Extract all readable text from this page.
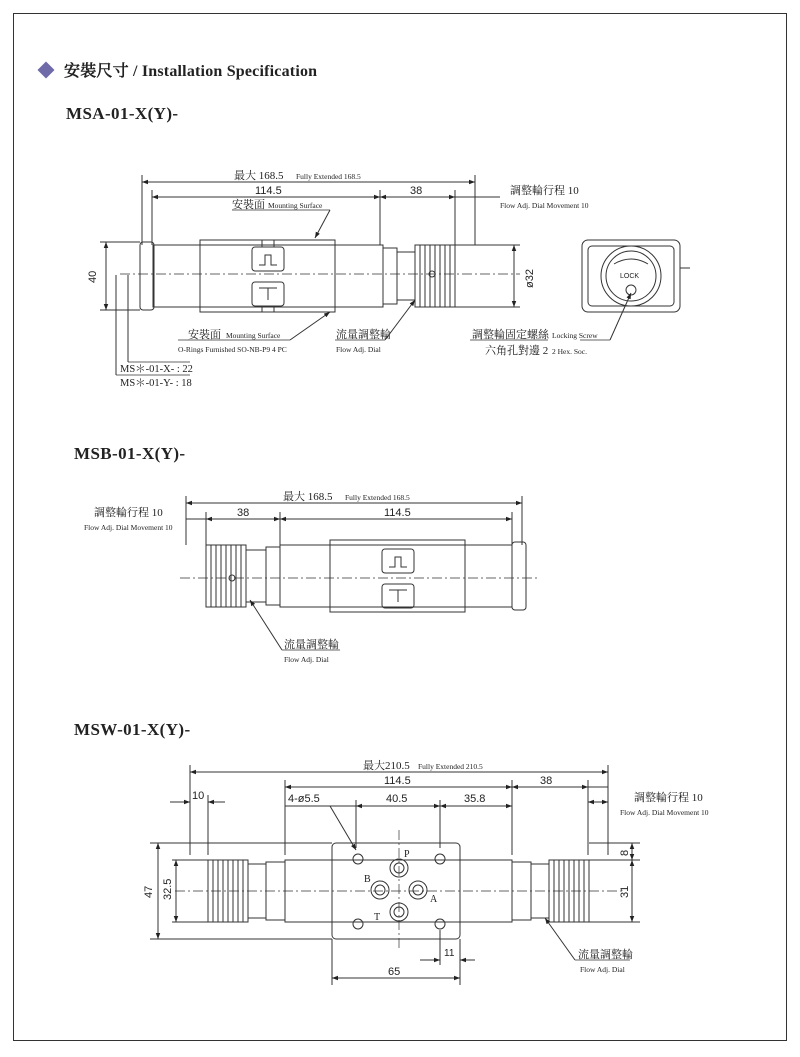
安裝尺寸 / Installation Specification
MSA-01-X(Y)-
MSB-01-X(Y)-
MSW-01-X(Y)-
最大 168.5 Fully Extended 168.5
114.5	38	調整輪行程 10
Flow Adj. Dial Movement 10
安裝面 Mounting Surface
40	ø32
安裝面 Mounting Surface
O-Rings Furnished SO-NB-P9 4 PC
流量調整輪
Flow Adj. Dial
調整輪固定螺絲 Locking Screw
六角孔對邊 2 2 Hex. Soc.
LOCK
MS＊-01-X- : 22
MS＊-01-Y- : 18
最大 168.5 Fully Extended 168.5
38	114.5
調整輪行程 10
Flow Adj. Dial Movement 10
流量調整輪
Flow Adj. Dial
最大210.5 Fully Extended 210.5
114.5	38
10	4-ø5.5	40.5	35.8	調整輪行程 10
Flow Adj. Dial Movement 10
8
31
47 32.5
65
11
P
B
A
T
流量調整輪
Flow Adj. Dial
